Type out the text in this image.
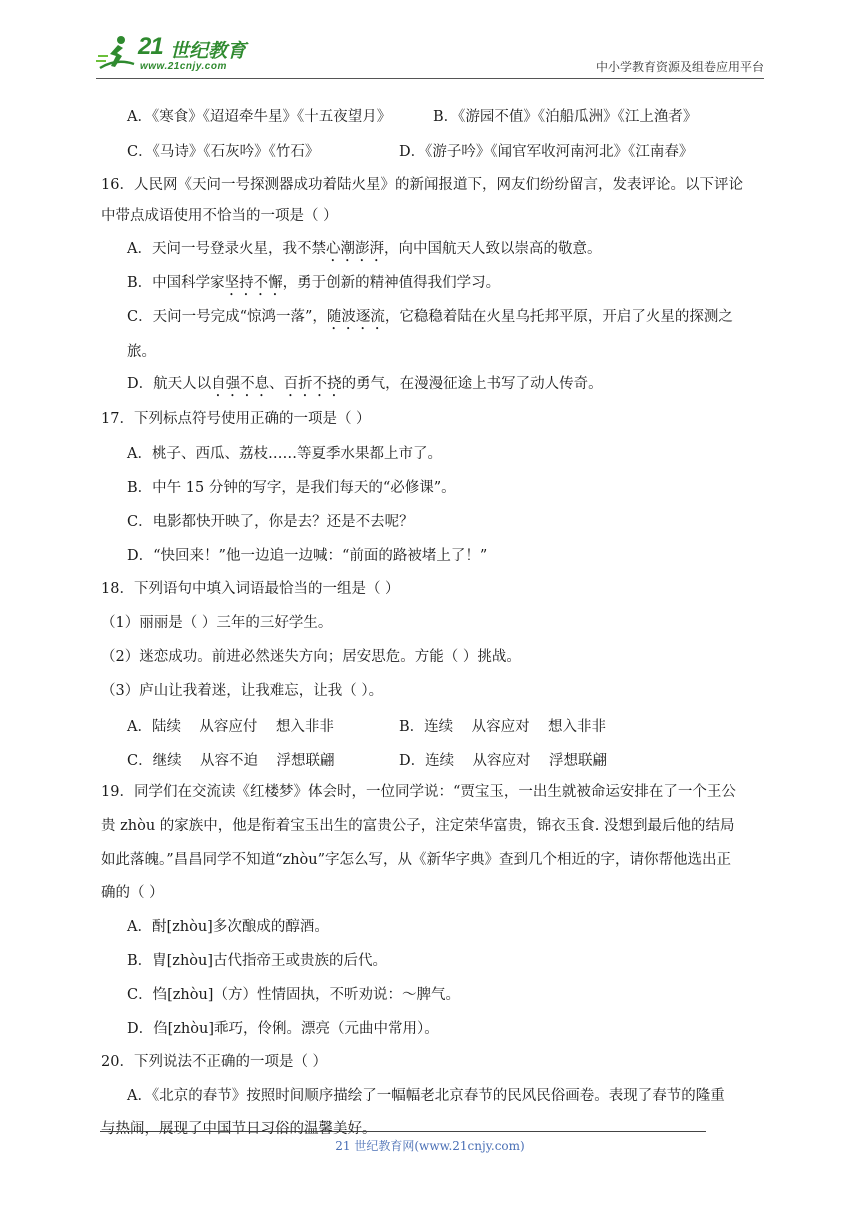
21 世纪教育
www.21cnjy.com	中小学教育资源及组卷应用平台
A．《寒食》《迢迢牵牛星》《十五夜望月》	B．《游园不值》《泊船瓜洲》《江上渔者》
C．《马诗》《石灰吟》《竹石》	D．《游子吟》《闻官军收河南河北》《江南春》
16．人民网《天问一号探测器成功着陆火星》的新闻报道下，网友们纷纷留言，发表评论。以下评论
中带点成语使用不恰当的一项是（ ）
A．天问一号登录火星，我不禁心潮澎湃，向中国航天人致以崇高的敬意。
B．中国科学家坚持不懈，勇于创新的精神值得我们学习。
C．天问一号完成“惊鸿一落”，随波逐流，它稳稳着陆在火星乌托邦平原，开启了火星的探测之
旅。
D．航天人以自强不息、百折不挠的勇气，在漫漫征途上书写了动人传奇。
17．下列标点符号使用正确的一项是（ ）
A．桃子、西瓜、荔枝……等夏季水果都上市了。
B．中午 15 分钟的写字，是我们每天的“必修课”。
C．电影都快开映了，你是去？还是不去呢？
D．“快回来！”他一边追一边喊：“前面的路被堵上了！”
18．下列语句中填入词语最恰当的一组是（ ）
（1）丽丽是（ ）三年的三好学生。
（2）迷恋成功。前进必然迷失方向；居安思危。方能（ ）挑战。
（3）庐山让我着迷，让我难忘，让我（ ）。
A．陆续    从容应付    想入非非	B．连续    从容应对    想入非非
C．继续    从容不迫    浮想联翩	D．连续    从容应对    浮想联翩
19．同学们在交流读《红楼梦》体会时，一位同学说：“贾宝玉，一出生就被命运安排在了一个王公
贵 zhòu 的家族中，他是衔着宝玉出生的富贵公子，注定荣华富贵，锦衣玉食. 没想到最后他的结局
如此落魄。”昌昌同学不知道“zhòu”字怎么写，从《新华字典》查到几个相近的字，请你帮他选出正
确的（ ）
A．酎[zhòu]多次酿成的醇酒。
B．胄[zhòu]古代指帝王或贵族的后代。
C．㤘[zhòu]（方）性情固执，不听劝说：～脾气。
D．㑇[zhòu]乖巧，伶俐。漂亮（元曲中常用）。
20．下列说法不正确的一项是（ ）
A．《北京的春节》按照时间顺序描绘了一幅幅老北京春节的民风民俗画卷。表现了春节的隆重
与热闹，展现了中国节日习俗的温馨美好。
21 世纪教育网(www.21cnjy.com)
